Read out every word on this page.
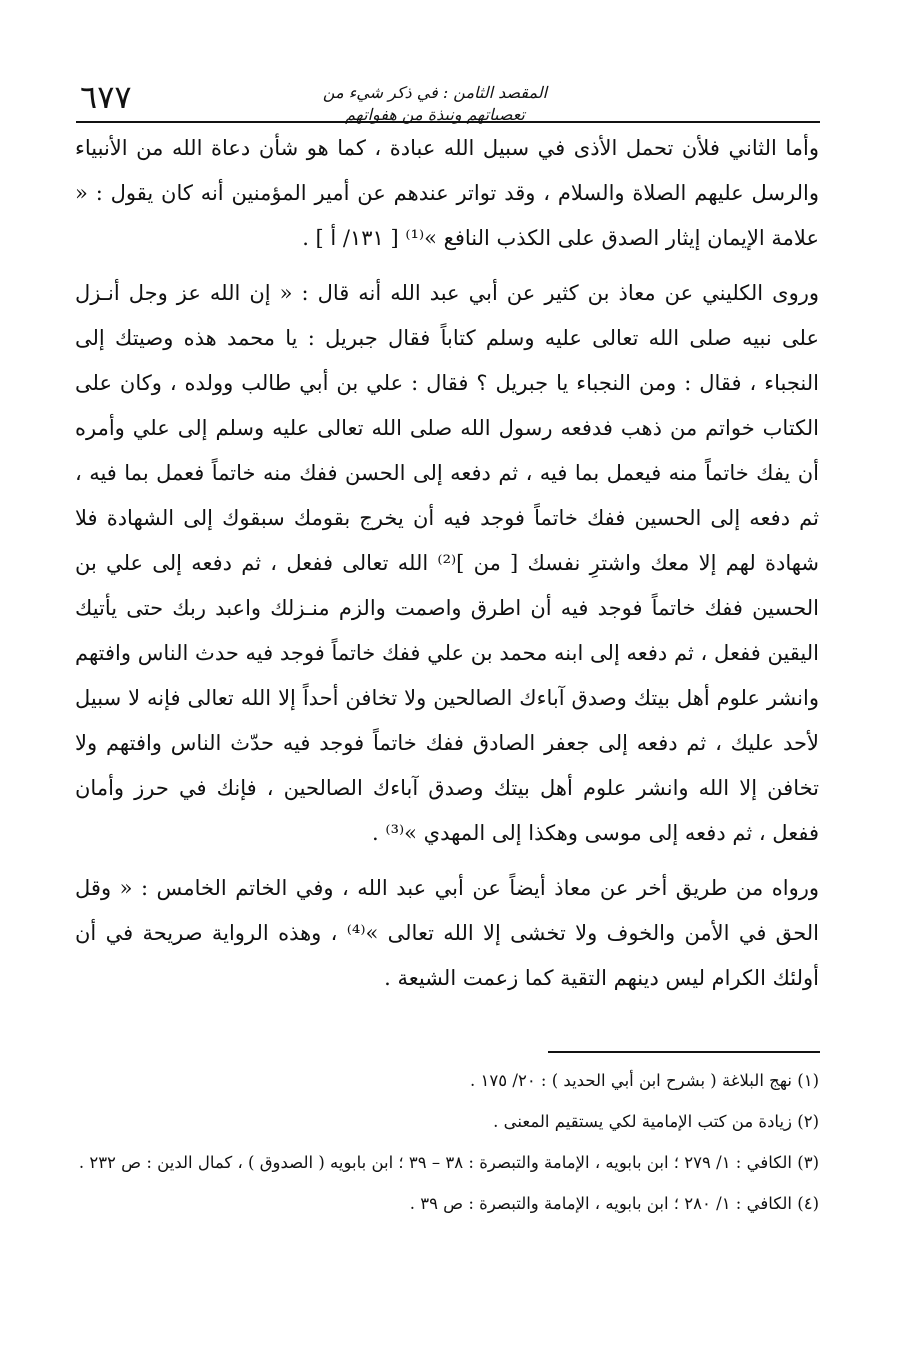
٦٧٧	المقصد الثامن : في ذكر شيء من تعصباتهم ونبذة من هفواتهم

وأما الثاني فلأن تحمل الأذى في سبيل الله عبادة ، كما هو شأن دعاة الله من الأنبياء والرسل عليهم الصلاة والسلام ، وقد تواتر عندهم عن أمير المؤمنين أنه كان يقول : « علامة الإيمان إيثار الصدق على الكذب النافع »⁽¹⁾ [ ١٣١/ أ ] .

وروى الكليني عن معاذ بن كثير عن أبي عبد الله أنه قال : « إن الله عز وجل أنـزل على نبيه صلى الله تعالى عليه وسلم كتاباً فقال جبريل : يا محمد هذه وصيتك إلى النجباء ، فقال : ومن النجباء يا جبريل ؟ فقال : علي بن أبي طالب وولده ، وكان على الكتاب خواتم من ذهب فدفعه رسول الله صلى الله تعالى عليه وسلم إلى علي وأمره أن يفك خاتماً منه فيعمل بما فيه ، ثم دفعه إلى الحسن ففك منه خاتماً فعمل بما فيه ، ثم دفعه إلى الحسين ففك خاتماً فوجد فيه أن يخرج بقومك سبقوك إلى الشهادة فلا شهادة لهم إلا معك واشترِ نفسك [ من ]⁽²⁾ الله تعالى ففعل ، ثم دفعه إلى علي بن الحسين ففك خاتماً فوجد فيه أن اطرق واصمت والزم منـزلك واعبد ربك حتى يأتيك اليقين ففعل ، ثم دفعه إلى ابنه محمد بن علي ففك خاتماً فوجد فيه حدث الناس وافتهم وانشر علوم أهل بيتك وصدق آباءك الصالحين ولا تخافن أحداً إلا الله تعالى فإنه لا سبيل لأحد عليك ، ثم دفعه إلى جعفر الصادق ففك خاتماً فوجد فيه حدّث الناس وافتهم ولا تخافن إلا الله وانشر علوم أهل بيتك وصدق آباءك الصالحين ، فإنك في حرز وأمان ففعل ، ثم دفعه إلى موسى وهكذا إلى المهدي »⁽³⁾ .

ورواه من طريق أخر عن معاذ أيضاً عن أبي عبد الله ، وفي الخاتم الخامس : « وقل الحق في الأمن والخوف ولا تخشى إلا الله تعالى »⁽⁴⁾ ، وهذه الرواية صريحة في أن أولئك الكرام ليس دينهم التقية كما زعمت الشيعة .

(١) نهج البلاغة ( بشرح ابن أبي الحديد ) : ٢٠/ ١٧٥ .

(٢) زيادة من كتب الإمامية لكي يستقيم المعنى .

(٣) الكافي : ١/ ٢٧٩ ؛ ابن بابويه ، الإمامة والتبصرة : ٣٨ – ٣٩ ؛ ابن بابويه ( الصدوق ) ، كمال الدين : ص ٢٣٢ .

(٤) الكافي : ١/ ٢٨٠ ؛ ابن بابويه ، الإمامة والتبصرة : ص ٣٩ .
